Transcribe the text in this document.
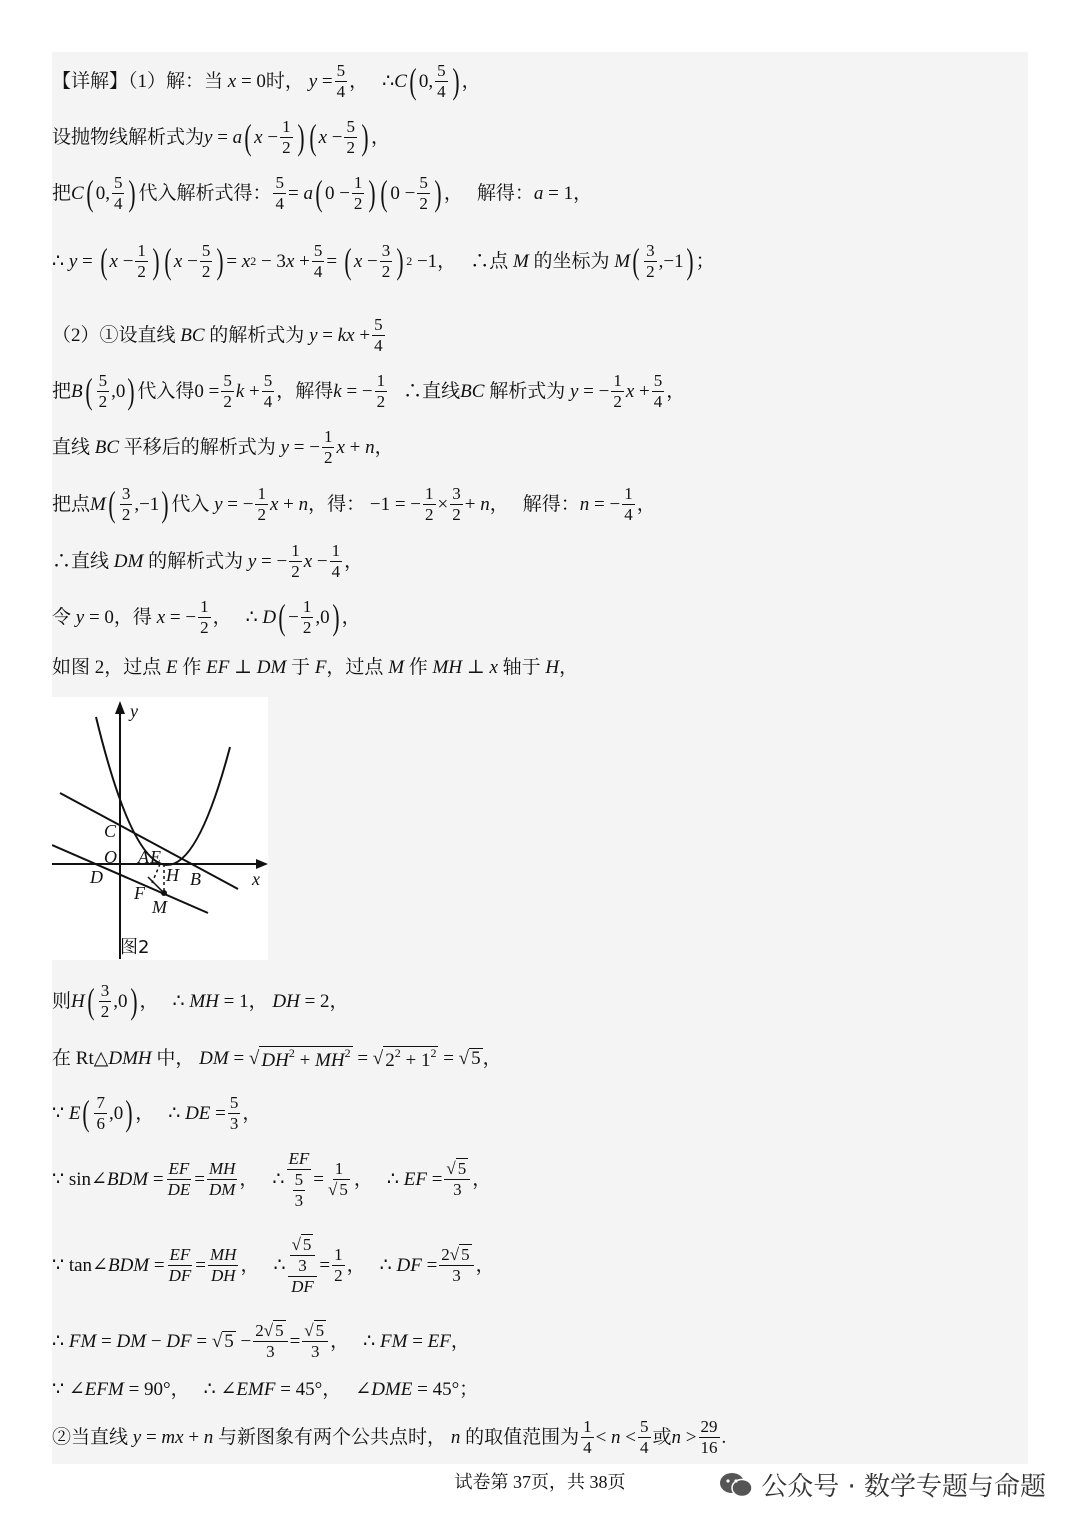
【详解】（1）解：当 x = 0 时， $y = \frac{5}{4}$ ， ∴ C ( 0, $\frac{5}{4}$ ) ，
设抛物线解析式为 y = a ( $x - \frac{1}{2}$ ) ( $x - \frac{5}{2}$ ) ，
把 C ( 0, $\frac{5}{4}$ ) 代入解析式得： $\frac{5}{4} = a$ ( $0 - \frac{1}{2}$ ) ( $0 - \frac{5}{2}$ ) ， 解得： a = 1，
∴ y = ( $x - \frac{1}{2}$ ) ( $x - \frac{5}{2}$ ) = x 2 − 3 $x + \frac{5}{4}$ = ( $x - \frac{3}{2}$ ) 2 −1， ∴点
M
的坐标为
M ( $\frac{3}{2} ,-1$ ) ；
（2）①设直线
BC
的解析式为
y = kx + $\frac{5}{4}$
把 B ( $\frac{5}{2} ,0$ ) 代入得 $0 = \frac{5}{2}$ $k + \frac{5}{4}$ ，解得 k = − $\frac{1}{2}$ ∴直线 BC
解析式为
y = − $\frac{1}{2}$ $x + \frac{5}{4}$ ，
直线
BC
平移后的解析式为
y = − $\frac{1}{2}$ x + n ，
把点 M ( $\frac{3}{2} ,-1$ ) 代入
y = − $\frac{1}{2}$ x + n ，得： −1 = − $\frac{1}{2} \times \frac{3}{2} + n$ ， 解得： n = − $\frac{1}{4}$ ，
∴直线
DM
的解析式为
y = − $\frac{1}{2}$ $x - \frac{1}{4}$ ，
令
y = 0 ，得
x = − $\frac{1}{2}$ ， ∴ D ( − $\frac{1}{2} ,0$ ) ，
如图 2，过点
E
作
EF ⊥ DM
于
F ，过点
M
作
MH ⊥ x
轴于
H ，
y
x
C
O A E
H
D	B
F
M
图2
则 H ( $\frac{3}{2} ,0$ ) ， ∴ MH = 1， DH = 2，
在 Rt△ DMH
中，
DM = √ $DH^2 + MH^2$ = √ $2^2 + 1^2$ = √ 5 ，
∵ E ( $\frac{7}{6} ,0$ ) ， ∴ DE = $\frac{5}{3}$ ，
∵ sin∠ BDM = $\frac{EF}{DE} = \frac{MH}{DM}$ ， ∴ $\frac{EF}{\frac{5}{3}} = \frac{1}{√ 5}$ ， ∴ EF = $\frac{√ 5}{3}$ ，
∵ tan∠ BDM = $\frac{EF}{DF} = \frac{MH}{DH}$ ， ∴ $\frac{\frac{√ 5}{3}}{DF} = \frac{1}{2}$ ， ∴ DF = $\frac{2√ 5}{3}$ ，
∴ FM = DM − DF = √ $5 - \frac{2√ 5}{3} = \frac{√ 5}{3}$ ， ∴ FM = EF ，
∵ ∠ EFM = 90°， ∴ ∠ EMF = 45°， ∠ DME = 45°；
②当直线
y = mx + n
与新图象有两个公共点时，
n
的取值范围为 $\frac{1}{4} < n < \frac{5}{4}$ 或 $n > \frac{29}{16}$ .
试卷第 37页，共 38页	公众号 · 数学专题与命题
